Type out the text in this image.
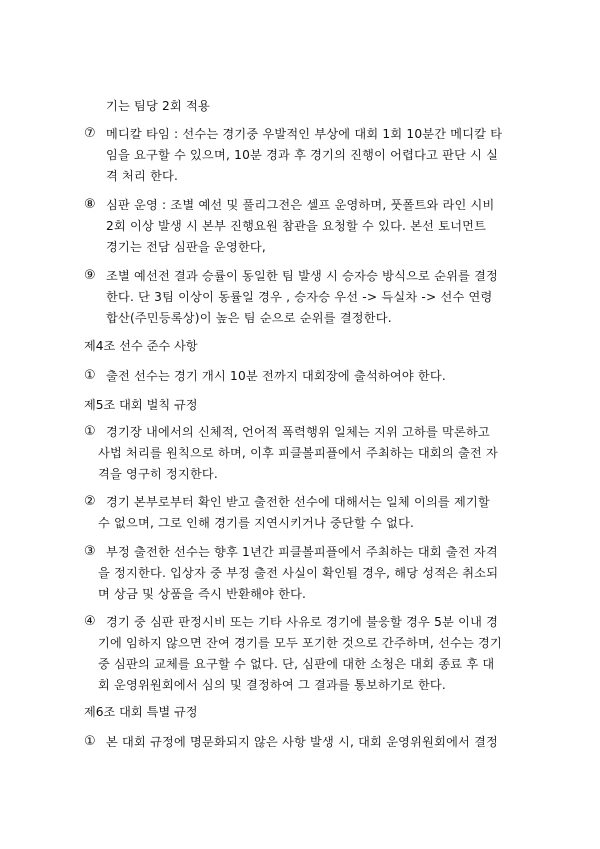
기는 팀당 2회 적용
⑦ 메디칼 타임 : 선수는 경기중 우발적인 부상에 대회 1회 10분간 메디칼 타
임을 요구할 수 있으며, 10분 경과 후 경기의 진행이 어렵다고 판단 시 실
격 처리 한다.
⑧ 심판 운영 : 조별 예선 및 풀리그전은 셀프 운영하며, 풋폴트와 라인 시비
2회 이상 발생 시 본부 진행요원 참관을 요청할 수 있다. 본선 토너먼트
경기는 전담 심판을 운영한다,
⑨ 조별 예선전 결과 승률이 동일한 팀 발생 시 승자승 방식으로 순위를 결정
한다. 단 3팀 이상이 동률일 경우 , 승자승 우선 -> 득실차 -> 선수 연령
합산(주민등록상)이 높은 팀 순으로 순위를 결정한다.
제4조 선수 준수 사항
① 출전 선수는 경기 개시 10분 전까지 대회장에 출석하여야 한다.
제5조 대회 벌칙 규정
① 경기장 내에서의 신체적, 언어적 폭력행위 일체는 지위 고하를 막론하고
사법 처리를 원칙으로 하며, 이후 피클볼피플에서 주최하는 대회의 출전 자
격을 영구히 정지한다.
② 경기 본부로부터 확인 받고 출전한 선수에 대해서는 일체 이의를 제기할
수 없으며, 그로 인해 경기를 지연시키거나 중단할 수 없다.
③ 부정 출전한 선수는 향후 1년간 피클볼피플에서 주최하는 대회 출전 자격
을 정지한다. 입상자 중 부정 출전 사실이 확인될 경우, 해당 성적은 취소되
며 상금 및 상품을 즉시 반환해야 한다.
④ 경기 중 심판 판정시비 또는 기타 사유로 경기에 불응할 경우 5분 이내 경
기에 임하지 않으면 잔여 경기를 모두 포기한 것으로 간주하며, 선수는 경기
중 심판의 교체를 요구할 수 없다. 단, 심판에 대한 소청은 대회 종료 후 대
회 운영위원회에서 심의 및 결정하여 그 결과를 통보하기로 한다.
제6조 대회 특별 규정
① 본 대회 규정에 명문화되지 않은 사항 발생 시, 대회 운영위원회에서 결정
